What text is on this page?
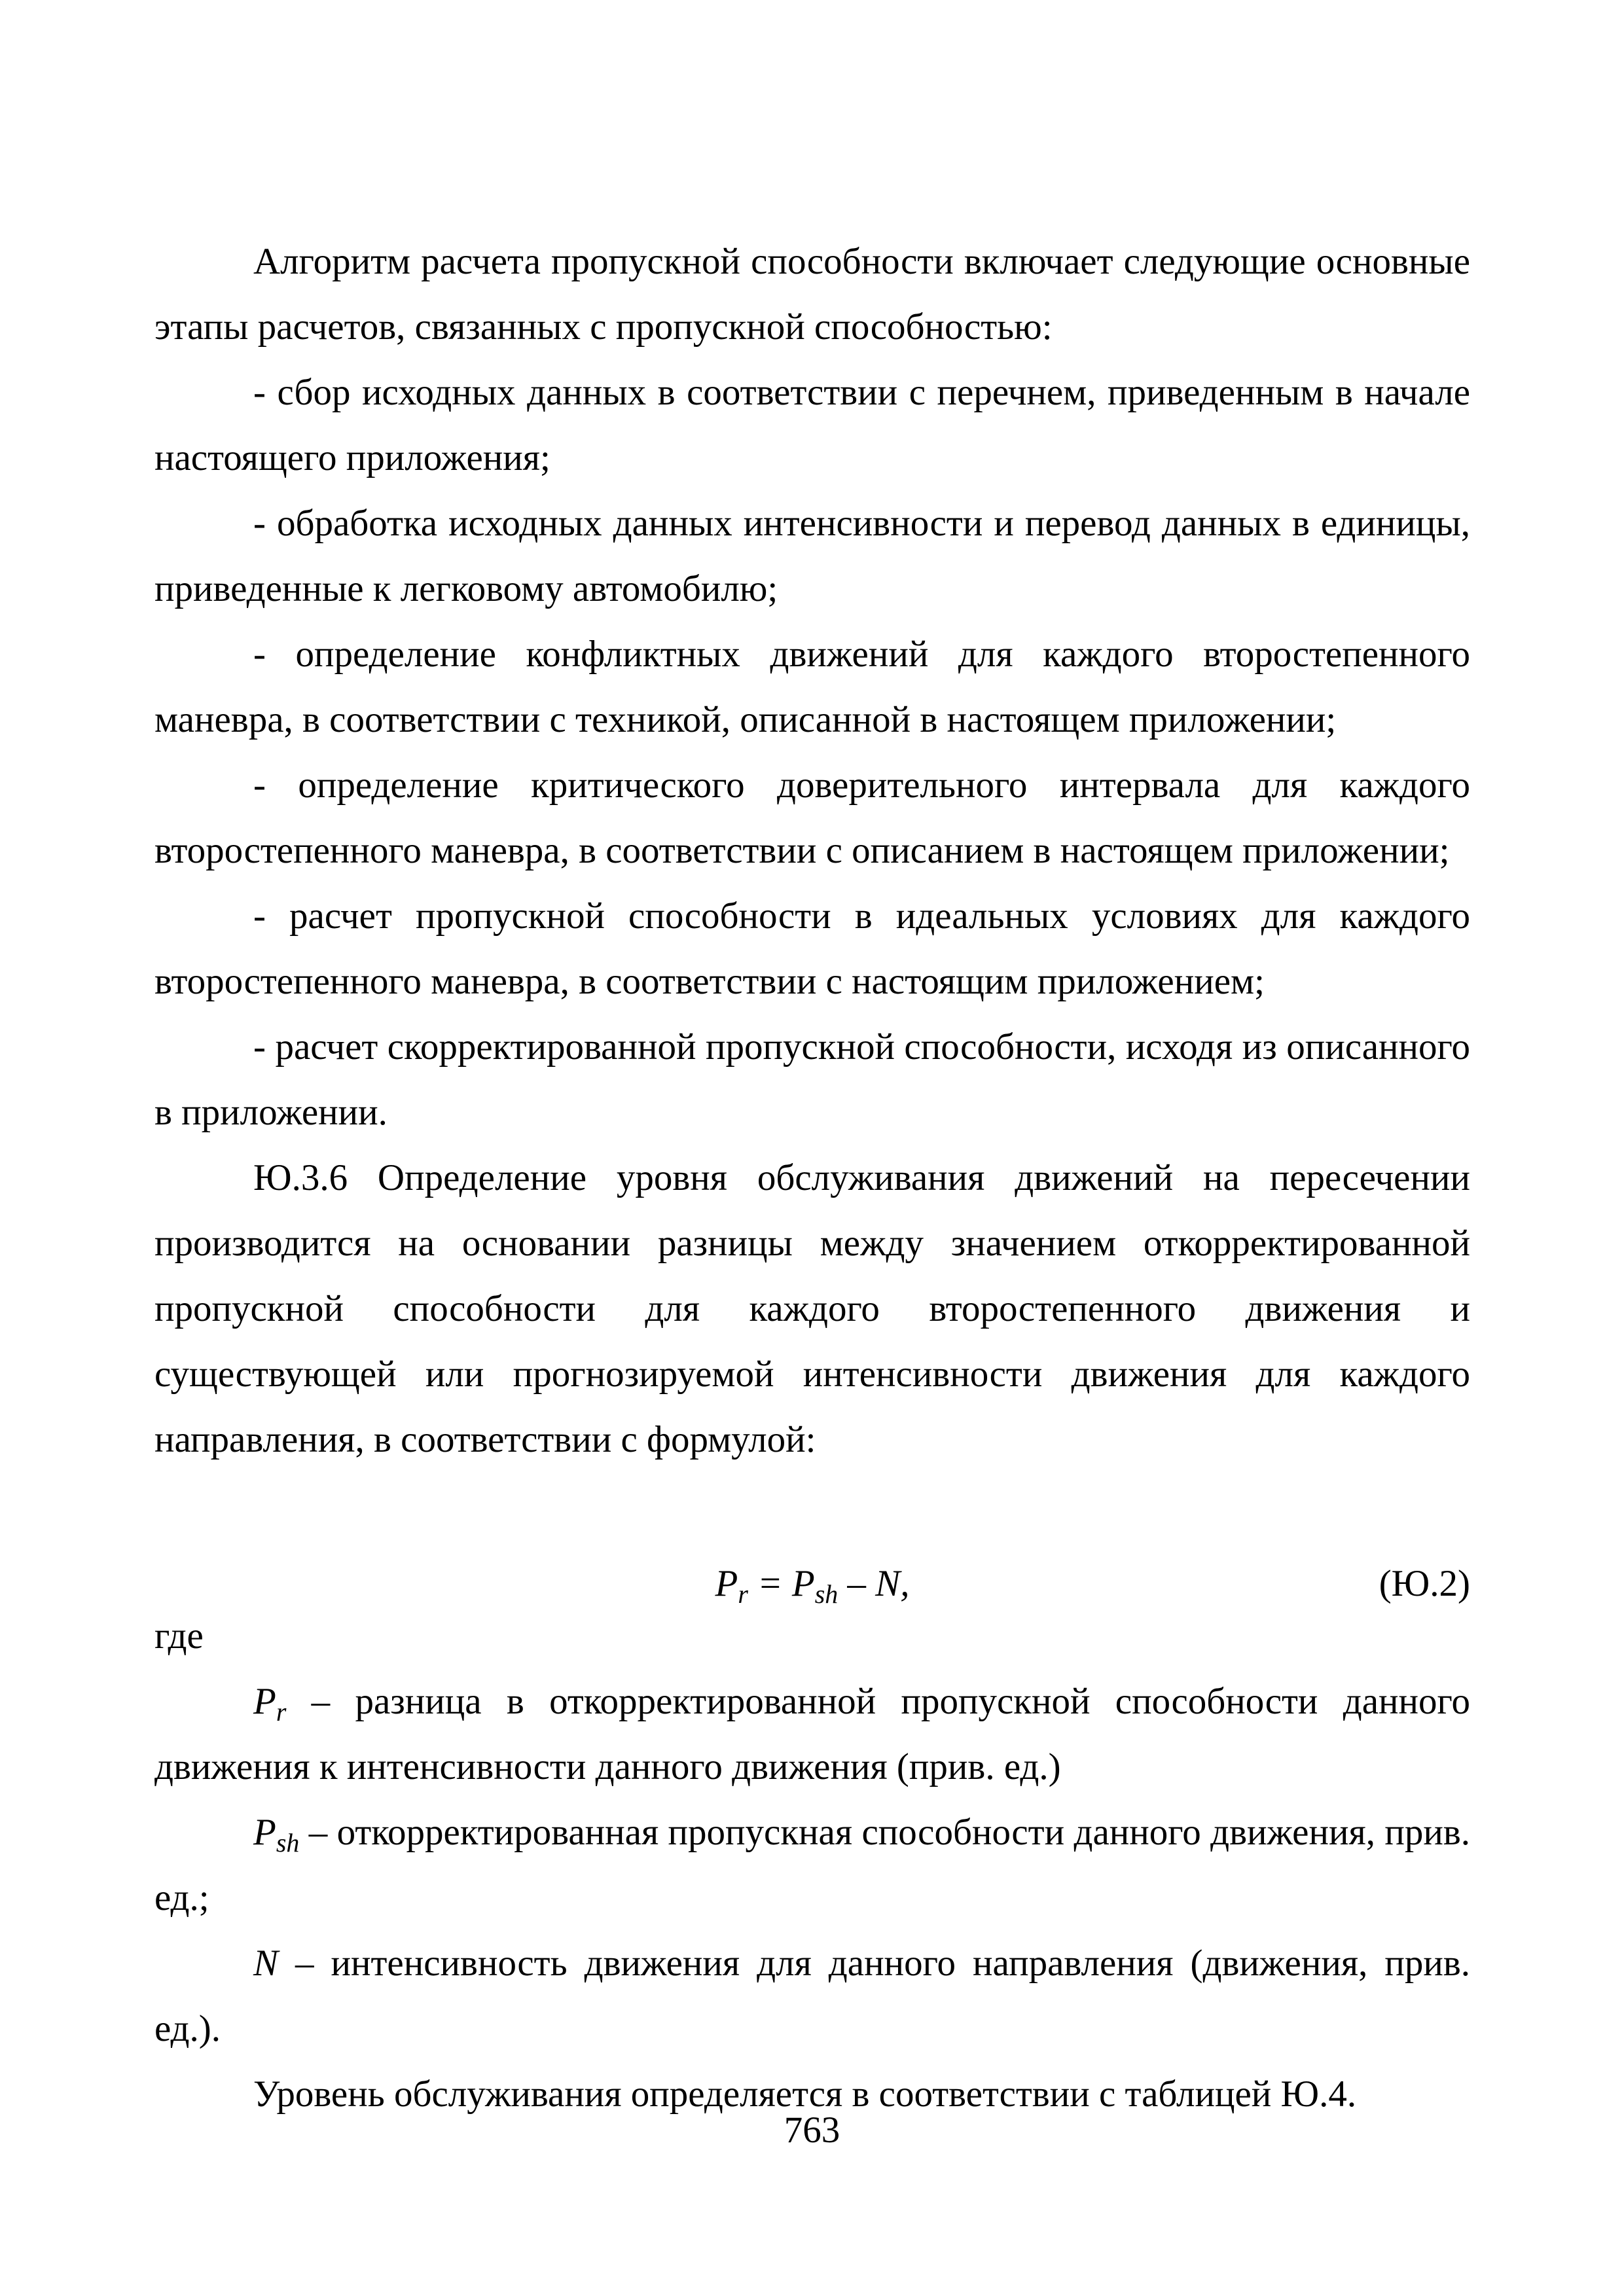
Алгоритм расчета пропускной способности включает следующие основные этапы расчетов, связанных с пропускной способностью:

- сбор исходных данных в соответствии с перечнем, приведенным в начале настоящего приложения;

- обработка исходных данных интенсивности и перевод данных в единицы, приведенные к легковому автомобилю;

- определение конфликтных движений для каждого второстепенного маневра, в соответствии с техникой, описанной в настоящем приложении;

- определение критического доверительного интервала для каждого второстепенного маневра, в соответствии с описанием в настоящем приложении;

- расчет пропускной способности в идеальных условиях для каждого второстепенного маневра, в соответствии с настоящим приложением;

- расчет скорректированной пропускной способности, исходя из описанного в приложении.

Ю.3.6 Определение уровня обслуживания движений на пересечении производится на основании разницы между значением откорректированной пропускной способности для каждого второстепенного движения и существующей или прогнозируемой интенсивности движения для каждого направления, в соответствии с формулой:

$P_r = P_{sh} - N$,	(Ю.2)

где

$P_r$ – разница в откорректированной пропускной способности данного движения к интенсивности данного движения (прив. ед.)

$P_{sh}$ – откорректированная пропускная способности данного движения, прив. ед.;

N – интенсивность движения для данного направления (движения, прив. ед.).

Уровень обслуживания определяется в соответствии с таблицей Ю.4.

763
